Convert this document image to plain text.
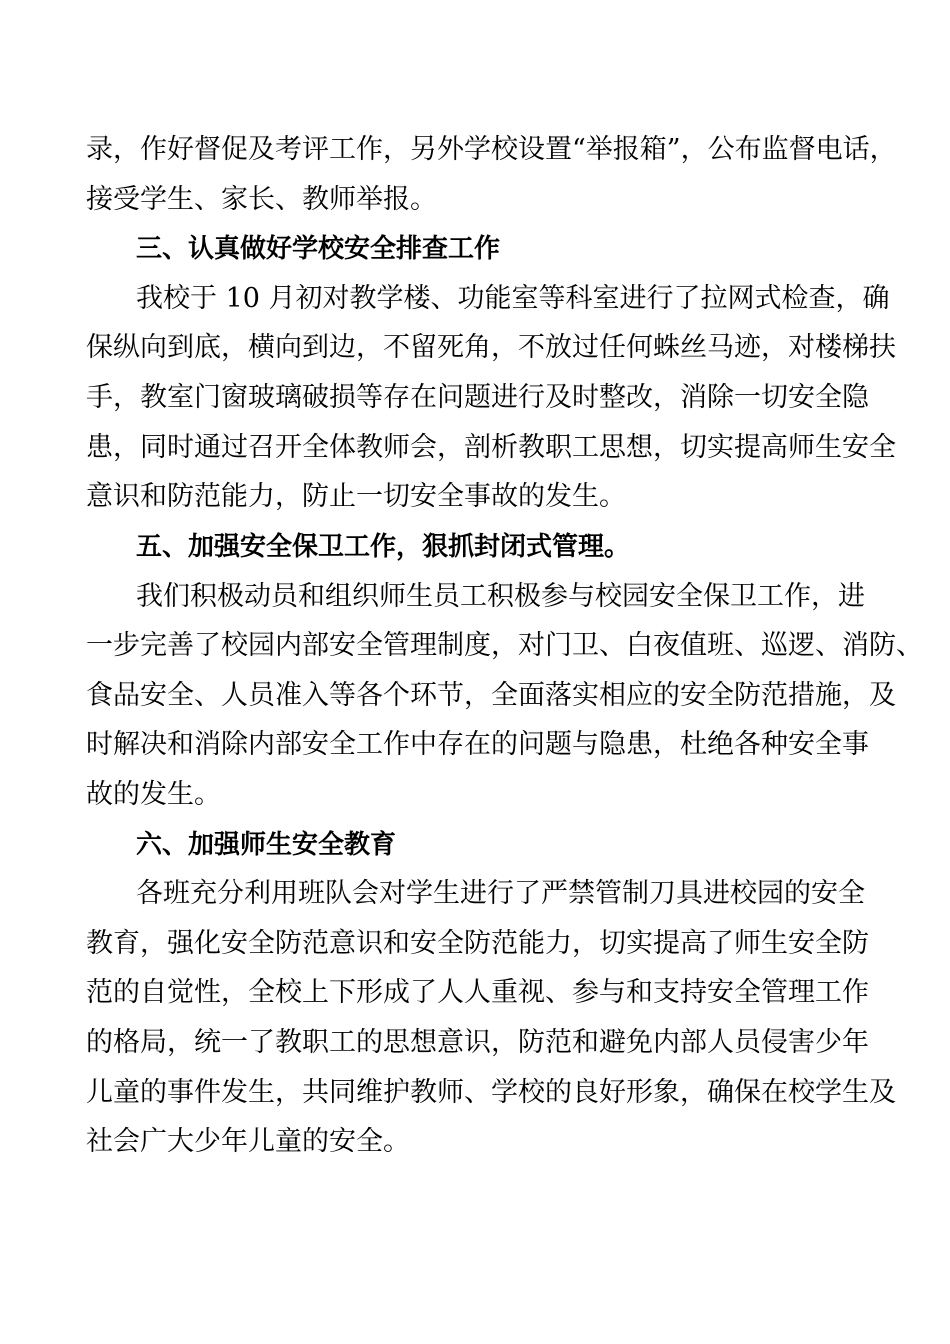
录，作好督促及考评工作，另外学校设置“举报箱”，公布监督电话，
接受学生、家长、教师举报。
三、认真做好学校安全排查工作
我校于 10 月初对教学楼、功能室等科室进行了拉网式检查，确
保纵向到底，横向到边，不留死角，不放过任何蛛丝马迹，对楼梯扶
手，教室门窗玻璃破损等存在问题进行及时整改，消除一切安全隐
患，同时通过召开全体教师会，剖析教职工思想，切实提高师生安全
意识和防范能力，防止一切安全事故的发生。
五、加强安全保卫工作，狠抓封闭式管理。
我们积极动员和组织师生员工积极参与校园安全保卫工作，进
一步完善了校园内部安全管理制度，对门卫、白夜值班、巡逻、消防、
食品安全、人员准入等各个环节，全面落实相应的安全防范措施，及
时解决和消除内部安全工作中存在的问题与隐患，杜绝各种安全事
故的发生。
六、加强师生安全教育
各班充分利用班队会对学生进行了严禁管制刀具进校园的安全
教育，强化安全防范意识和安全防范能力，切实提高了师生安全防
范的自觉性，全校上下形成了人人重视、参与和支持安全管理工作
的格局，统一了教职工的思想意识，防范和避免内部人员侵害少年
儿童的事件发生，共同维护教师、学校的良好形象，确保在校学生及
社会广大少年儿童的安全。
